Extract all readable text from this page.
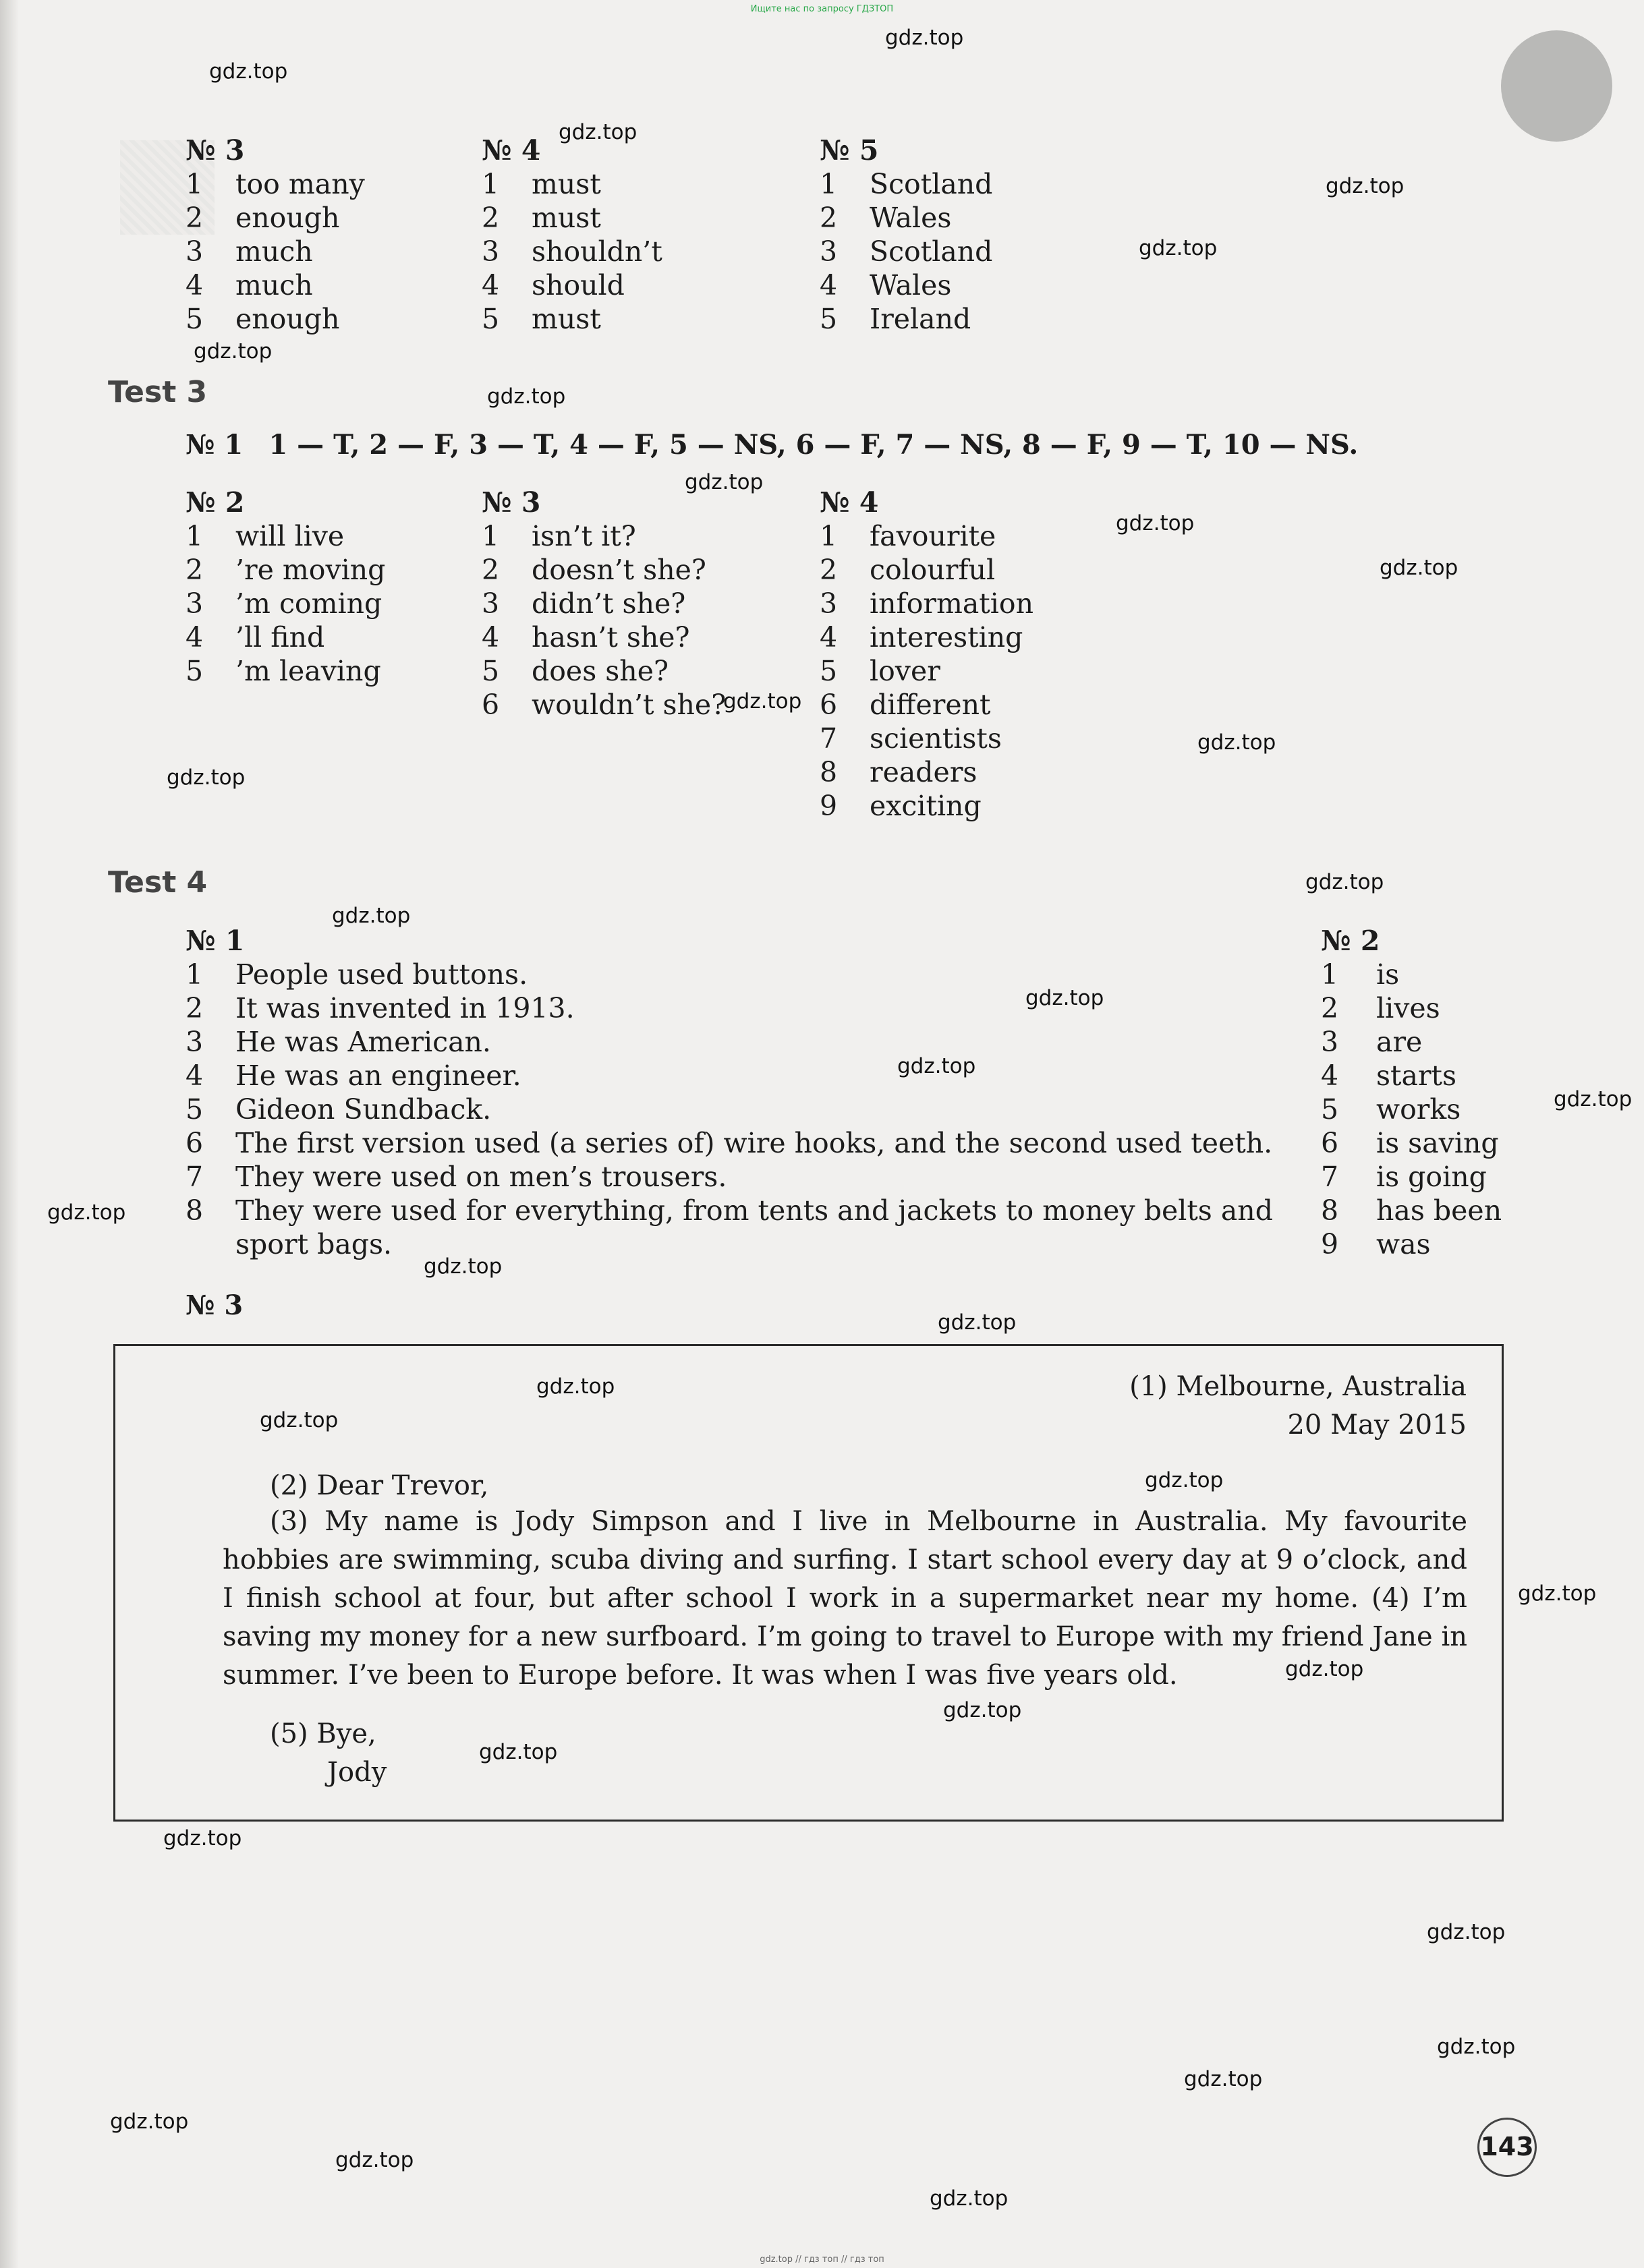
Ищите нас по запросу ГДЗТОП
№ 3
1 too many
2 enough
3 much
4 much
5 enough
№ 4
1 must
2 must
3 shouldn’t
4 should
5 must
№ 5
1 Scotland
2 Wales
3 Scotland
4 Wales
5 Ireland
Test 3
№ 1 1 — T, 2 — F, 3 — T, 4 — F, 5 — NS, 6 — F, 7 — NS, 8 — F, 9 — T, 10 — NS.
№ 2
1 will live
2 ’re moving
3 ’m coming
4 ’ll find
5 ’m leaving
№ 3
1 isn’t it?
2 doesn’t she?
3 didn’t she?
4 hasn’t she?
5 does she?
6 wouldn’t she?
№ 4
1 favourite
2 colourful
3 information
4 interesting
5 lover
6 different
7 scientists
8 readers
9 exciting
Test 4
№ 1
1 People used buttons.
2 It was invented in 1913.
3 He was American.
4 He was an engineer.
5 Gideon Sundback.
6 The first version used (a series of) wire hooks, and the second used teeth.
7 They were used on men’s trousers.
8 They were used for everything, from tents and jackets to money belts and
sport bags.
№ 2
1 is
2 lives
3 are
4 starts
5 works
6 is saving
7 is going
8 has been
9 was
№ 3
(1) Melbourne, Australia
20 May 2015
(2) Dear Trevor,
(3) My name is Jody Simpson and I live in Melbourne in Australia. My favourite hobbies are swimming, scuba diving and surfing. I start school every day at 9 o’clock, and I finish school at four, but after school I work in a supermarket near my home. (4) I’m saving my money for a new surfboard. I’m going to travel to Europe with my friend Jane in summer. I’ve been to Europe before. It was when I was five years old.
(5) Bye,
Jody
143
gdz.top
gdz.top
gdz.top
gdz.top
gdz.top
gdz.top
gdz.top
gdz.top
gdz.top
gdz.top
gdz.top
gdz.top
gdz.top
gdz.top
gdz.top
gdz.top
gdz.top
gdz.top
gdz.top
gdz.top
gdz.top
gdz.top
gdz.top
gdz.top
gdz.top
gdz.top
gdz.top
gdz.top
gdz.top
gdz.top
gdz.top
gdz.top
gdz.top
gdz.top
gdz.top
gdz.top // гдз топ // гдз топ
